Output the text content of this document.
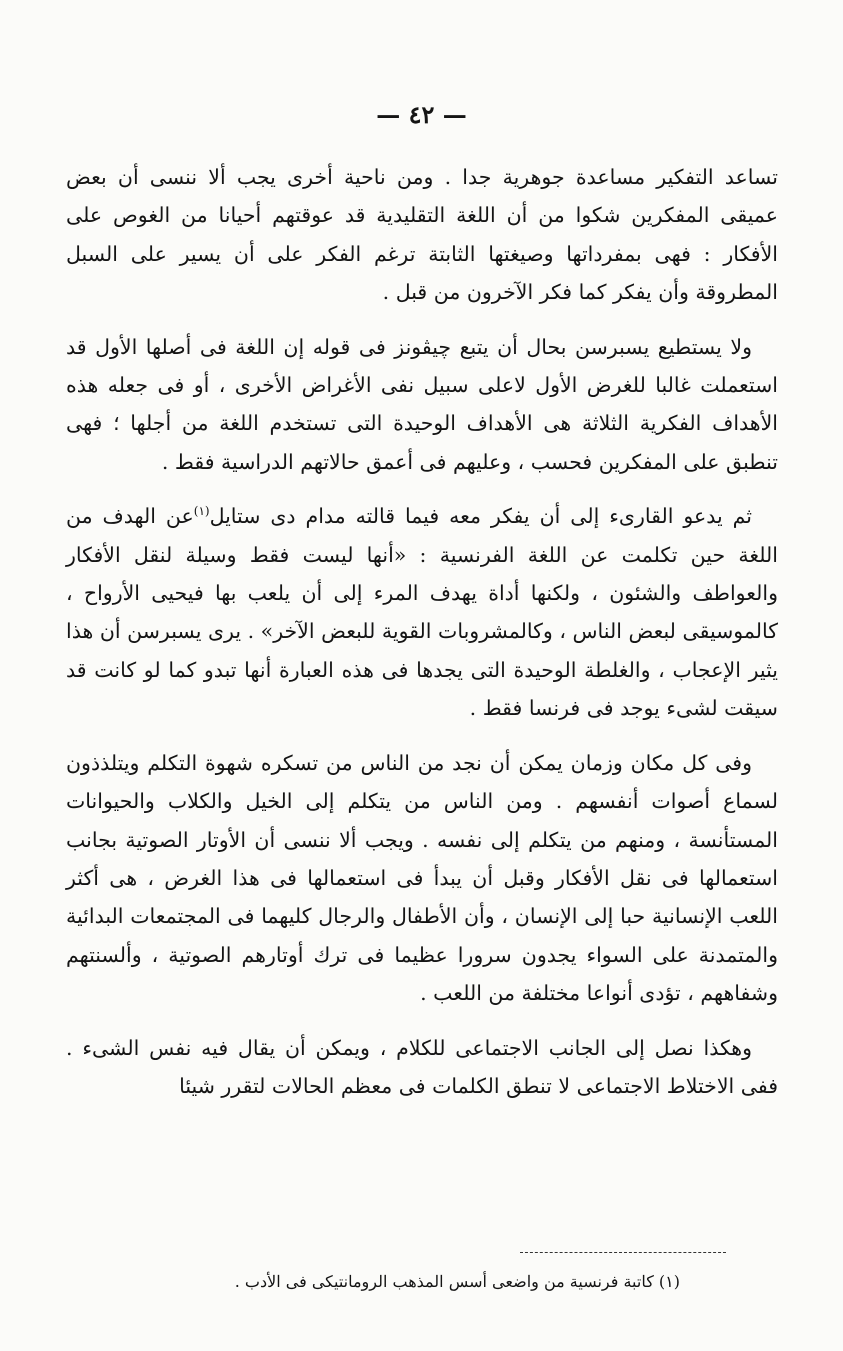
— ٤٢ —

تساعد التفكير مساعدة جوهرية جدا . ومن ناحية أخرى يجب ألا ننسى أن بعض عميقى المفكرين شكوا من أن اللغة التقليدية قد عوقتهم أحيانا من الغوص على الأفكار : فهى بمفرداتها وصيغتها الثابتة ترغم الفكر على أن يسير على السبل المطروقة وأن يفكر كما فكر الآخرون من قبل .

ولا يستطيع يسبرسن بحال أن يتبع چيڤونز فى قوله إن اللغة فى أصلها الأول قد استعملت غالبا للغرض الأول لاعلى سبيل نفى الأغراض الأخرى ، أو فى جعله هذه الأهداف الفكرية الثلاثة هى الأهداف الوحيدة التى تستخدم اللغة من أجلها ؛ فهى تنطبق على المفكرين فحسب ، وعليهم فى أعمق حالاتهم الدراسية فقط .

ثم يدعو القارىء إلى أن يفكر معه فيما قالته مدام دى ستايل$^{(١)}$عن الهدف من اللغة حين تكلمت عن اللغة الفرنسية : «أنها ليست فقط وسيلة لنقل الأفكار والعواطف والشئون ، ولكنها أداة يهدف المرء إلى أن يلعب بها فيحيى الأرواح ، كالموسيقى لبعض الناس ، وكالمشروبات القوية للبعض الآخر» . يرى يسبرسن أن هذا يثير الإعجاب ، والغلطة الوحيدة التى يجدها فى هذه العبارة أنها تبدو كما لو كانت قد سيقت لشىء يوجد فى فرنسا فقط .

وفى كل مكان وزمان يمكن أن نجد من الناس من تسكره شهوة التكلم ويتلذذون لسماع أصوات أنفسهم . ومن الناس من يتكلم إلى الخيل والكلاب والحيوانات المستأنسة ، ومنهم من يتكلم إلى نفسه . ويجب ألا ننسى أن الأوتار الصوتية بجانب استعمالها فى نقل الأفكار وقبل أن يبدأ فى استعمالها فى هذا الغرض ، هى أكثر اللعب الإنسانية حبا إلى الإنسان ، وأن الأطفال والرجال كليهما فى المجتمعات البدائية والمتمدنة على السواء يجدون سرورا عظيما فى ترك أوتارهم الصوتية ، وألسنتهم وشفاههم ، تؤدى أنواعا مختلفة من اللعب .

وهكذا نصل إلى الجانب الاجتماعى للكلام ، ويمكن أن يقال فيه نفس الشىء . ففى الاختلاط الاجتماعى لا تنطق الكلمات فى معظم الحالات لتقرر شيئا

(١) كاتبة فرنسية من واضعى أسس المذهب الرومانتيكى فى الأدب .
